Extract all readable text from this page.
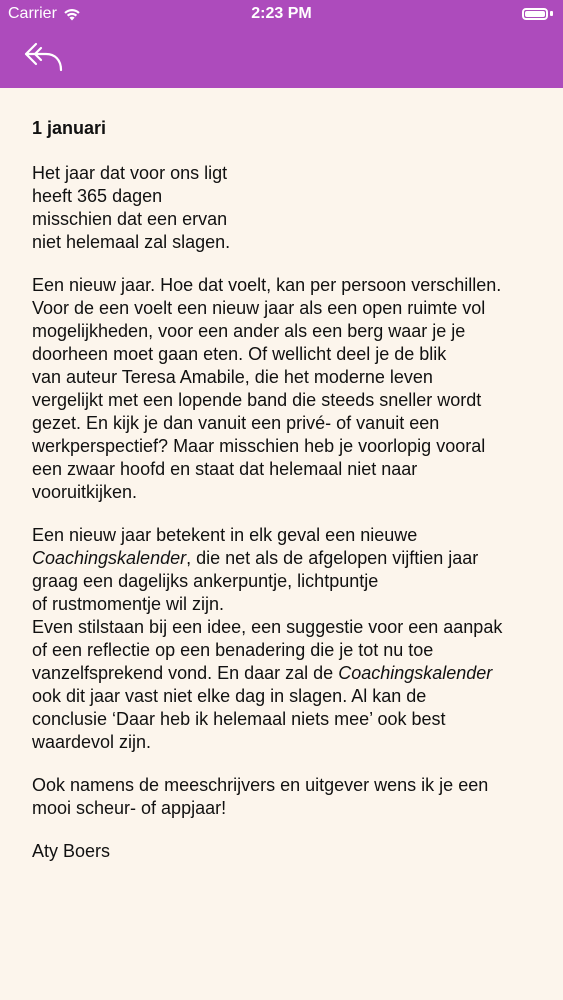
Carrier	2:23 PM

1 januari

Het jaar dat voor ons ligt
heeft 365 dagen
misschien dat een ervan
niet helemaal zal slagen.

Een nieuw jaar. Hoe dat voelt, kan per persoon verschillen.
Voor de een voelt een nieuw jaar als een open ruimte vol
mogelijkheden, voor een ander als een berg waar je je
doorheen moet gaan eten. Of wellicht deel je de blik
van auteur Teresa Amabile, die het moderne leven
vergelijkt met een lopende band die steeds sneller wordt
gezet. En kijk je dan vanuit een privé- of vanuit een
werkperspectief? Maar misschien heb je voorlopig vooral
een zwaar hoofd en staat dat helemaal niet naar
vooruitkijken.

Een nieuw jaar betekent in elk geval een nieuwe
Coachingskalender, die net als de afgelopen vijftien jaar
graag een dagelijks ankerpuntje, lichtpuntje
of rustmomentje wil zijn.
Even stilstaan bij een idee, een suggestie voor een aanpak
of een reflectie op een benadering die je tot nu toe
vanzelfsprekend vond. En daar zal de Coachingskalender
ook dit jaar vast niet elke dag in slagen. Al kan de
conclusie ‘Daar heb ik helemaal niets mee’ ook best
waardevol zijn.

Ook namens de meeschrijvers en uitgever wens ik je een
mooi scheur- of appjaar!

Aty Boers
